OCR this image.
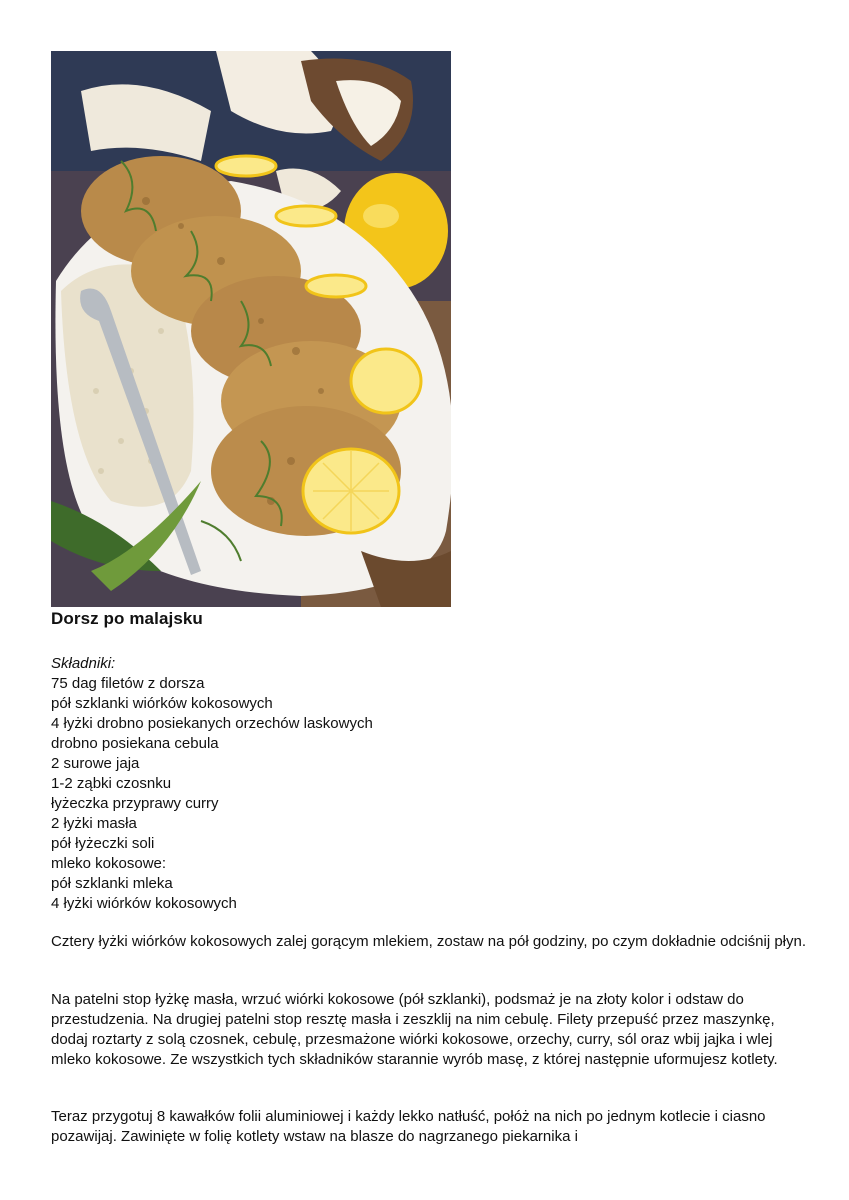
Dorsz po malajsku
Składniki:
75 dag filetów z dorsza
pół szklanki wiórków kokosowych
4 łyżki drobno posiekanych orzechów laskowych
drobno posiekana cebula
2 surowe jaja
1-2 ząbki czosnku
łyżeczka przyprawy curry
2 łyżki masła
pół łyżeczki soli
mleko kokosowe:
pół szklanki mleka
4 łyżki wiórków kokosowych
Cztery łyżki wiórków kokosowych zalej gorącym mlekiem, zostaw na pół godziny, po czym dokładnie odciśnij płyn.
Na patelni stop łyżkę masła, wrzuć wiórki kokosowe (pół szklanki), podsmaż je na złoty kolor i odstaw do przestudzenia. Na drugiej patelni stop resztę masła i zeszklij na nim cebulę. Filety przepuść przez maszynkę, dodaj roztarty z solą czosnek, cebulę, przesmażone wiórki kokosowe, orzechy, curry, sól oraz wbij jajka i wlej mleko kokosowe. Ze wszystkich tych składników starannie wyrób masę, z której następnie uformujesz kotlety.
Teraz przygotuj 8 kawałków folii aluminiowej i każdy lekko natłuść, połóż na nich po jednym kotlecie i ciasno pozawijaj. Zawinięte w folię kotlety wstaw na blasze do nagrzanego piekarnika i
